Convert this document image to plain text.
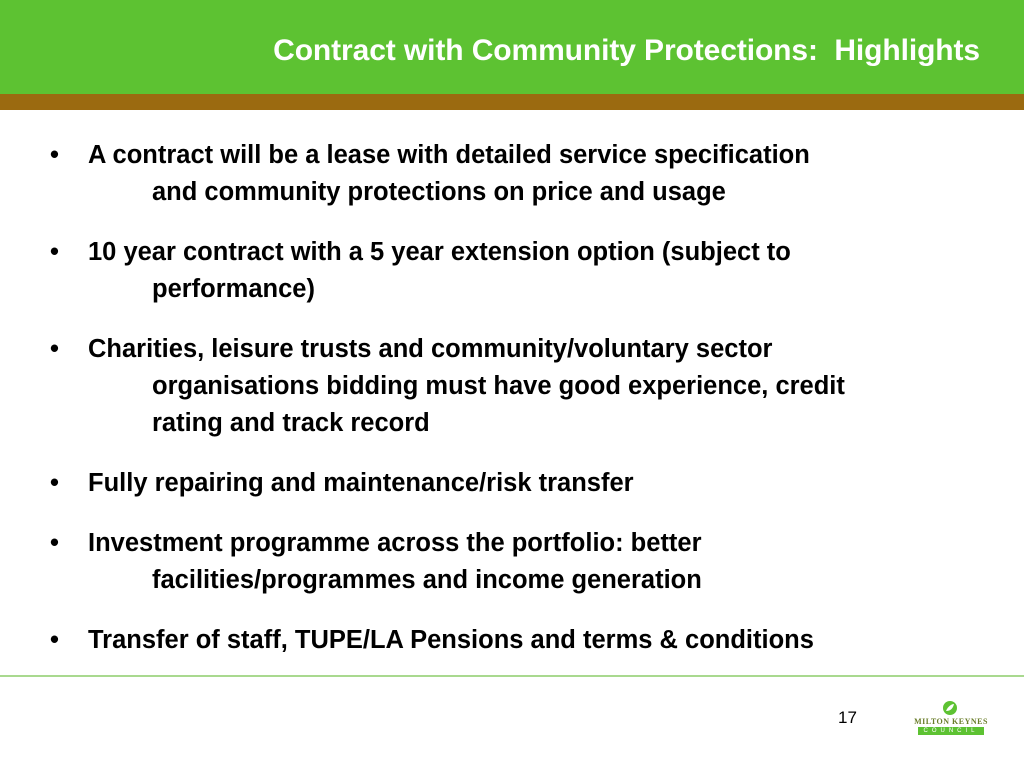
Contract with Community Protections:  Highlights
• A contract will be a lease with detailed service specification
and community protections on price and usage
• 10 year contract with a 5 year extension option (subject to
performance)
• Charities, leisure trusts and community/voluntary sector
organisations bidding must have good experience, credit
rating and track record
• Fully repairing and maintenance/risk transfer
• Investment programme across the portfolio: better
facilities/programmes and income generation
• Transfer of staff, TUPE/LA Pensions and terms & conditions
17	MILTON KEYNES
COUNCIL
